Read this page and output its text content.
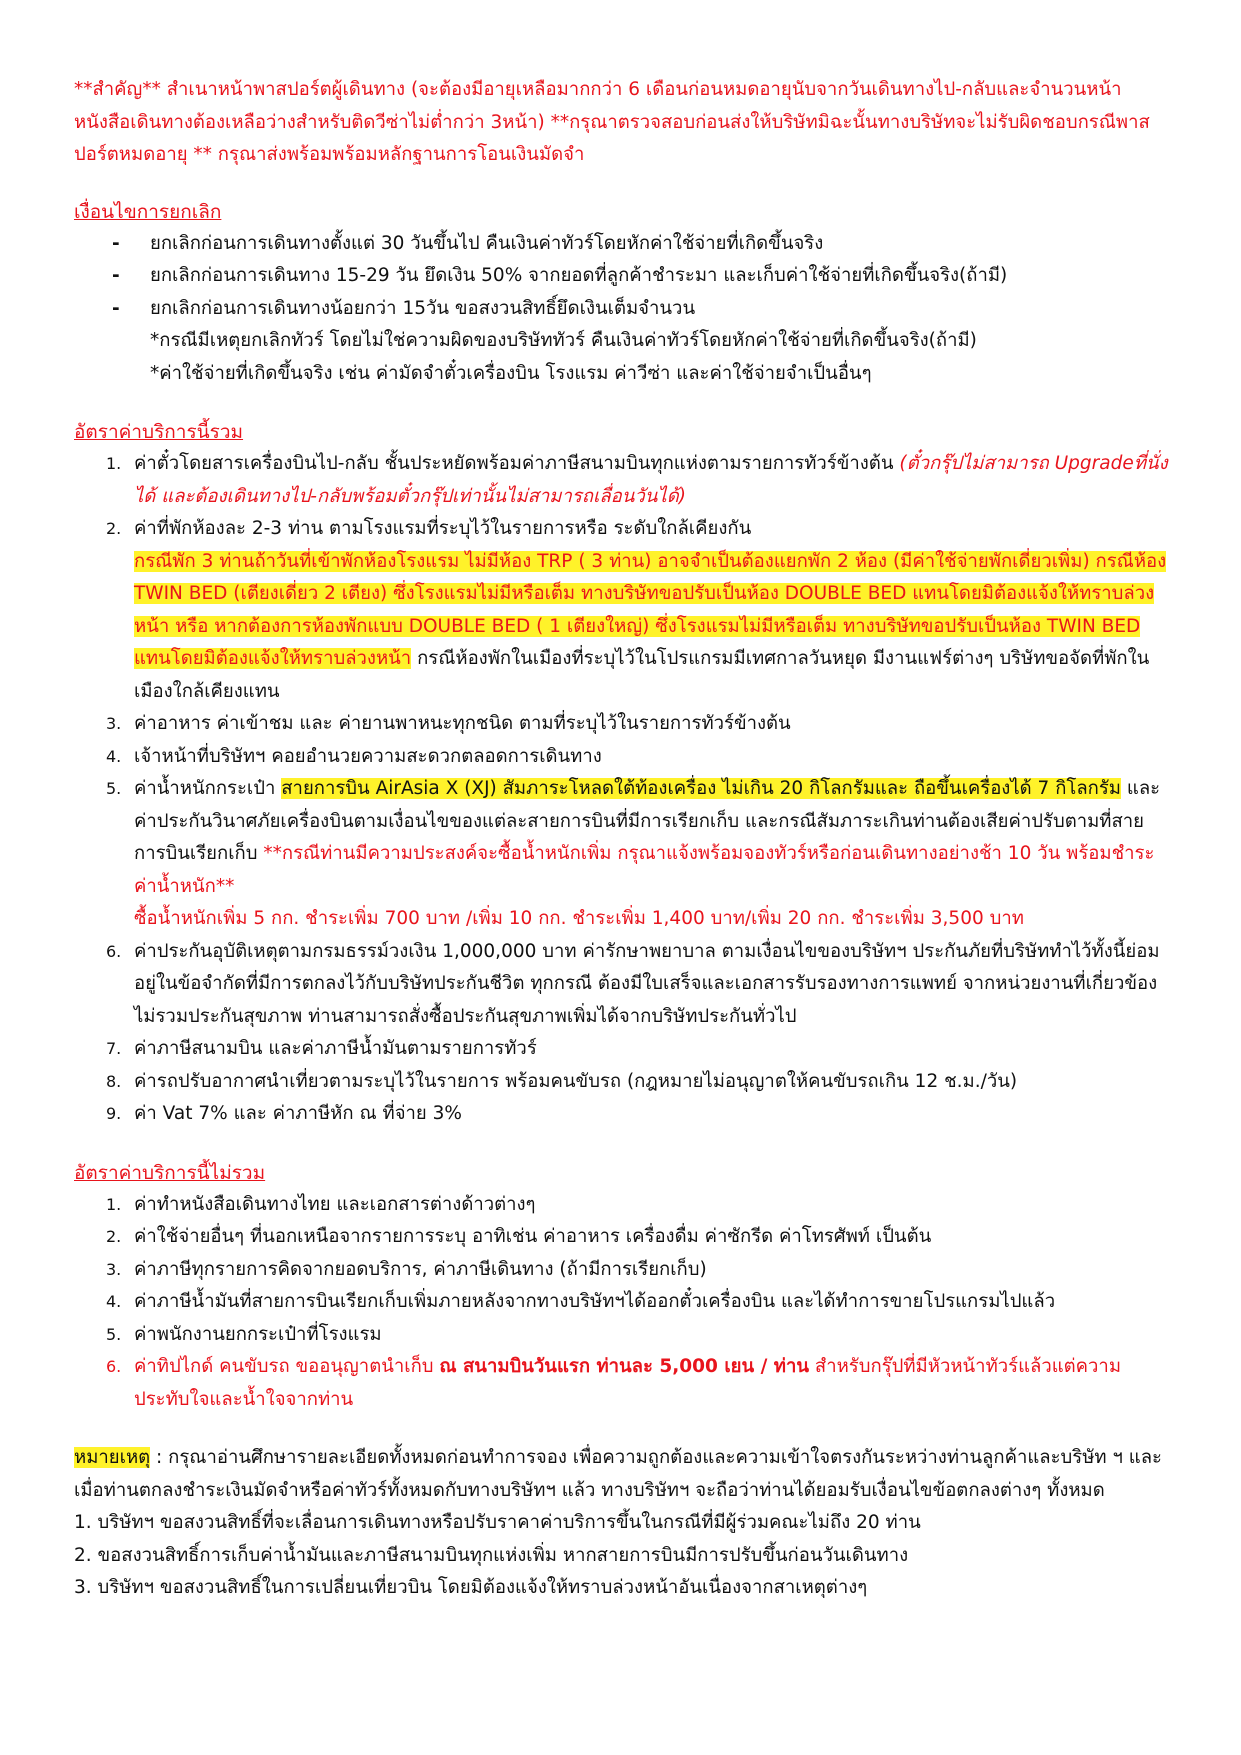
**สำคัญ** สำเนาหน้าพาสปอร์ตผู้เดินทาง (จะต้องมีอายุเหลือมากกว่า 6 เดือนก่อนหมดอายุนับจากวันเดินทางไป-กลับและจำนวนหน้าหนังสือเดินทางต้องเหลือว่างสำหรับติดวีซ่าไม่ต่ำกว่า 3หน้า) **กรุณาตรวจสอบก่อนส่งให้บริษัทมิฉะนั้นทางบริษัทจะไม่รับผิดชอบกรณีพาสปอร์ตหมดอายุ ** กรุณาส่งพร้อมพร้อมหลักฐานการโอนเงินมัดจำ

เงื่อนไขการยกเลิก

- ยกเลิกก่อนการเดินทางตั้งแต่ 30 วันขึ้นไป คืนเงินค่าทัวร์โดยหักค่าใช้จ่ายที่เกิดขึ้นจริง
- ยกเลิกก่อนการเดินทาง 15-29 วัน ยึดเงิน 50% จากยอดที่ลูกค้าชำระมา และเก็บค่าใช้จ่ายที่เกิดขึ้นจริง(ถ้ามี)
- ยกเลิกก่อนการเดินทางน้อยกว่า 15วัน ขอสงวนสิทธิ์ยึดเงินเต็มจำนวน
*กรณีมีเหตุยกเลิกทัวร์ โดยไม่ใช่ความผิดของบริษัททัวร์ คืนเงินค่าทัวร์โดยหักค่าใช้จ่ายที่เกิดขึ้นจริง(ถ้ามี)
*ค่าใช้จ่ายที่เกิดขึ้นจริง เช่น ค่ามัดจำตั๋วเครื่องบิน โรงแรม ค่าวีซ่า และค่าใช้จ่ายจำเป็นอื่นๆ

อัตราค่าบริการนี้รวม

1. ค่าตั๋วโดยสารเครื่องบินไป-กลับ ชั้นประหยัดพร้อมค่าภาษีสนามบินทุกแห่งตามรายการทัวร์ข้างต้น (ตั๋วกรุ๊ปไม่สามารถ Upgradeที่นั่ง ได้ และต้องเดินทางไป-กลับพร้อมตั๋วกรุ๊ปเท่านั้นไม่สามารถเลื่อนวันได้)
2. ค่าที่พักห้องละ 2-3 ท่าน ตามโรงแรมที่ระบุไว้ในรายการหรือ ระดับใกล้เคียงกัน
กรณีพัก 3 ท่านถ้าวันที่เข้าพักห้องโรงแรม ไม่มีห้อง TRP ( 3 ท่าน) อาจจำเป็นต้องแยกพัก 2 ห้อง (มีค่าใช้จ่ายพักเดี่ยวเพิ่ม) กรณีห้อง TWIN BED (เตียงเดี่ยว 2 เตียง) ซึ่งโรงแรมไม่มีหรือเต็ม ทางบริษัทขอปรับเป็นห้อง DOUBLE BED แทนโดยมิต้องแจ้งให้ทราบล่วงหน้า หรือ หากต้องการห้องพักแบบ DOUBLE BED ( 1 เตียงใหญ่) ซึ่งโรงแรมไม่มีหรือเต็ม ทางบริษัทขอปรับเป็นห้อง TWIN BED แทนโดยมิต้องแจ้งให้ทราบล่วงหน้า กรณีห้องพักในเมืองที่ระบุไว้ในโปรแกรมมีเทศกาลวันหยุด มีงานแฟร์ต่างๆ บริษัทขอจัดที่พักในเมืองใกล้เคียงแทน
3. ค่าอาหาร ค่าเข้าชม และ ค่ายานพาหนะทุกชนิด ตามที่ระบุไว้ในรายการทัวร์ข้างต้น
4. เจ้าหน้าที่บริษัทฯ คอยอำนวยความสะดวกตลอดการเดินทาง
5. ค่าน้ำหนักกระเป๋า สายการบิน AirAsia X (XJ) สัมภาระโหลดใต้ท้องเครื่อง ไม่เกิน 20 กิโลกรัมและ ถือขึ้นเครื่องได้ 7 กิโลกรัม และค่าประกันวินาศภัยเครื่องบินตามเงื่อนไขของแต่ละสายการบินที่มีการเรียกเก็บ และกรณีสัมภาระเกินท่านต้องเสียค่าปรับตามที่สายการบินเรียกเก็บ **กรณีท่านมีความประสงค์จะซื้อน้ำหนักเพิ่ม กรุณาแจ้งพร้อมจองทัวร์หรือก่อนเดินทางอย่างช้า 10 วัน พร้อมชำระค่าน้ำหนัก**
ซื้อน้ำหนักเพิ่ม 5 กก. ชำระเพิ่ม 700 บาท /เพิ่ม 10 กก. ชำระเพิ่ม 1,400 บาท/เพิ่ม 20 กก. ชำระเพิ่ม 3,500 บาท
6. ค่าประกันอุบัติเหตุตามกรมธรรม์วงเงิน 1,000,000 บาท ค่ารักษาพยาบาล ตามเงื่อนไขของบริษัทฯ ประกันภัยที่บริษัททำไว้ทั้งนี้ย่อมอยู่ในข้อจำกัดที่มีการตกลงไว้กับบริษัทประกันชีวิต ทุกกรณี ต้องมีใบเสร็จและเอกสารรับรองทางการแพทย์ จากหน่วยงานที่เกี่ยวข้อง ไม่รวมประกันสุขภาพ ท่านสามารถสั่งซื้อประกันสุขภาพเพิ่มได้จากบริษัทประกันทั่วไป
7. ค่าภาษีสนามบิน และค่าภาษีน้ำมันตามรายการทัวร์
8. ค่ารถปรับอากาศนำเที่ยวตามระบุไว้ในรายการ พร้อมคนขับรถ (กฎหมายไม่อนุญาตให้คนขับรถเกิน 12 ช.ม./วัน)
9. ค่า Vat 7% และ ค่าภาษีหัก ณ ที่จ่าย 3%

อัตราค่าบริการนี้ไม่รวม

1. ค่าทำหนังสือเดินทางไทย และเอกสารต่างด้าวต่างๆ
2. ค่าใช้จ่ายอื่นๆ ที่นอกเหนือจากรายการระบุ อาทิเช่น ค่าอาหาร เครื่องดื่ม ค่าซักรีด ค่าโทรศัพท์ เป็นต้น
3. ค่าภาษีทุกรายการคิดจากยอดบริการ, ค่าภาษีเดินทาง (ถ้ามีการเรียกเก็บ)
4. ค่าภาษีน้ำมันที่สายการบินเรียกเก็บเพิ่มภายหลังจากทางบริษัทฯได้ออกตั๋วเครื่องบิน และได้ทำการขายโปรแกรมไปแล้ว
5. ค่าพนักงานยกกระเป๋าที่โรงแรม
6. ค่าทิปไกด์ คนขับรถ ขออนุญาตนำเก็บ ณ สนามบินวันแรก ท่านละ 5,000 เยน / ท่าน สำหรับกรุ๊ปที่มีหัวหน้าทัวร์แล้วแต่ความประทับใจและน้ำใจจากท่าน

หมายเหตุ : กรุณาอ่านศึกษารายละเอียดทั้งหมดก่อนทำการจอง เพื่อความถูกต้องและความเข้าใจตรงกันระหว่างท่านลูกค้าและบริษัท ฯ และเมื่อท่านตกลงชำระเงินมัดจำหรือค่าทัวร์ทั้งหมดกับทางบริษัทฯ แล้ว ทางบริษัทฯ จะถือว่าท่านได้ยอมรับเงื่อนไขข้อตกลงต่างๆ ทั้งหมด

1. บริษัทฯ ขอสงวนสิทธิ์ที่จะเลื่อนการเดินทางหรือปรับราคาค่าบริการขึ้นในกรณีที่มีผู้ร่วมคณะไม่ถึง 20 ท่าน

2. ขอสงวนสิทธิ์การเก็บค่าน้ำมันและภาษีสนามบินทุกแห่งเพิ่ม หากสายการบินมีการปรับขึ้นก่อนวันเดินทาง

3. บริษัทฯ ขอสงวนสิทธิ์ในการเปลี่ยนเที่ยวบิน โดยมิต้องแจ้งให้ทราบล่วงหน้าอันเนื่องจากสาเหตุต่างๆ
